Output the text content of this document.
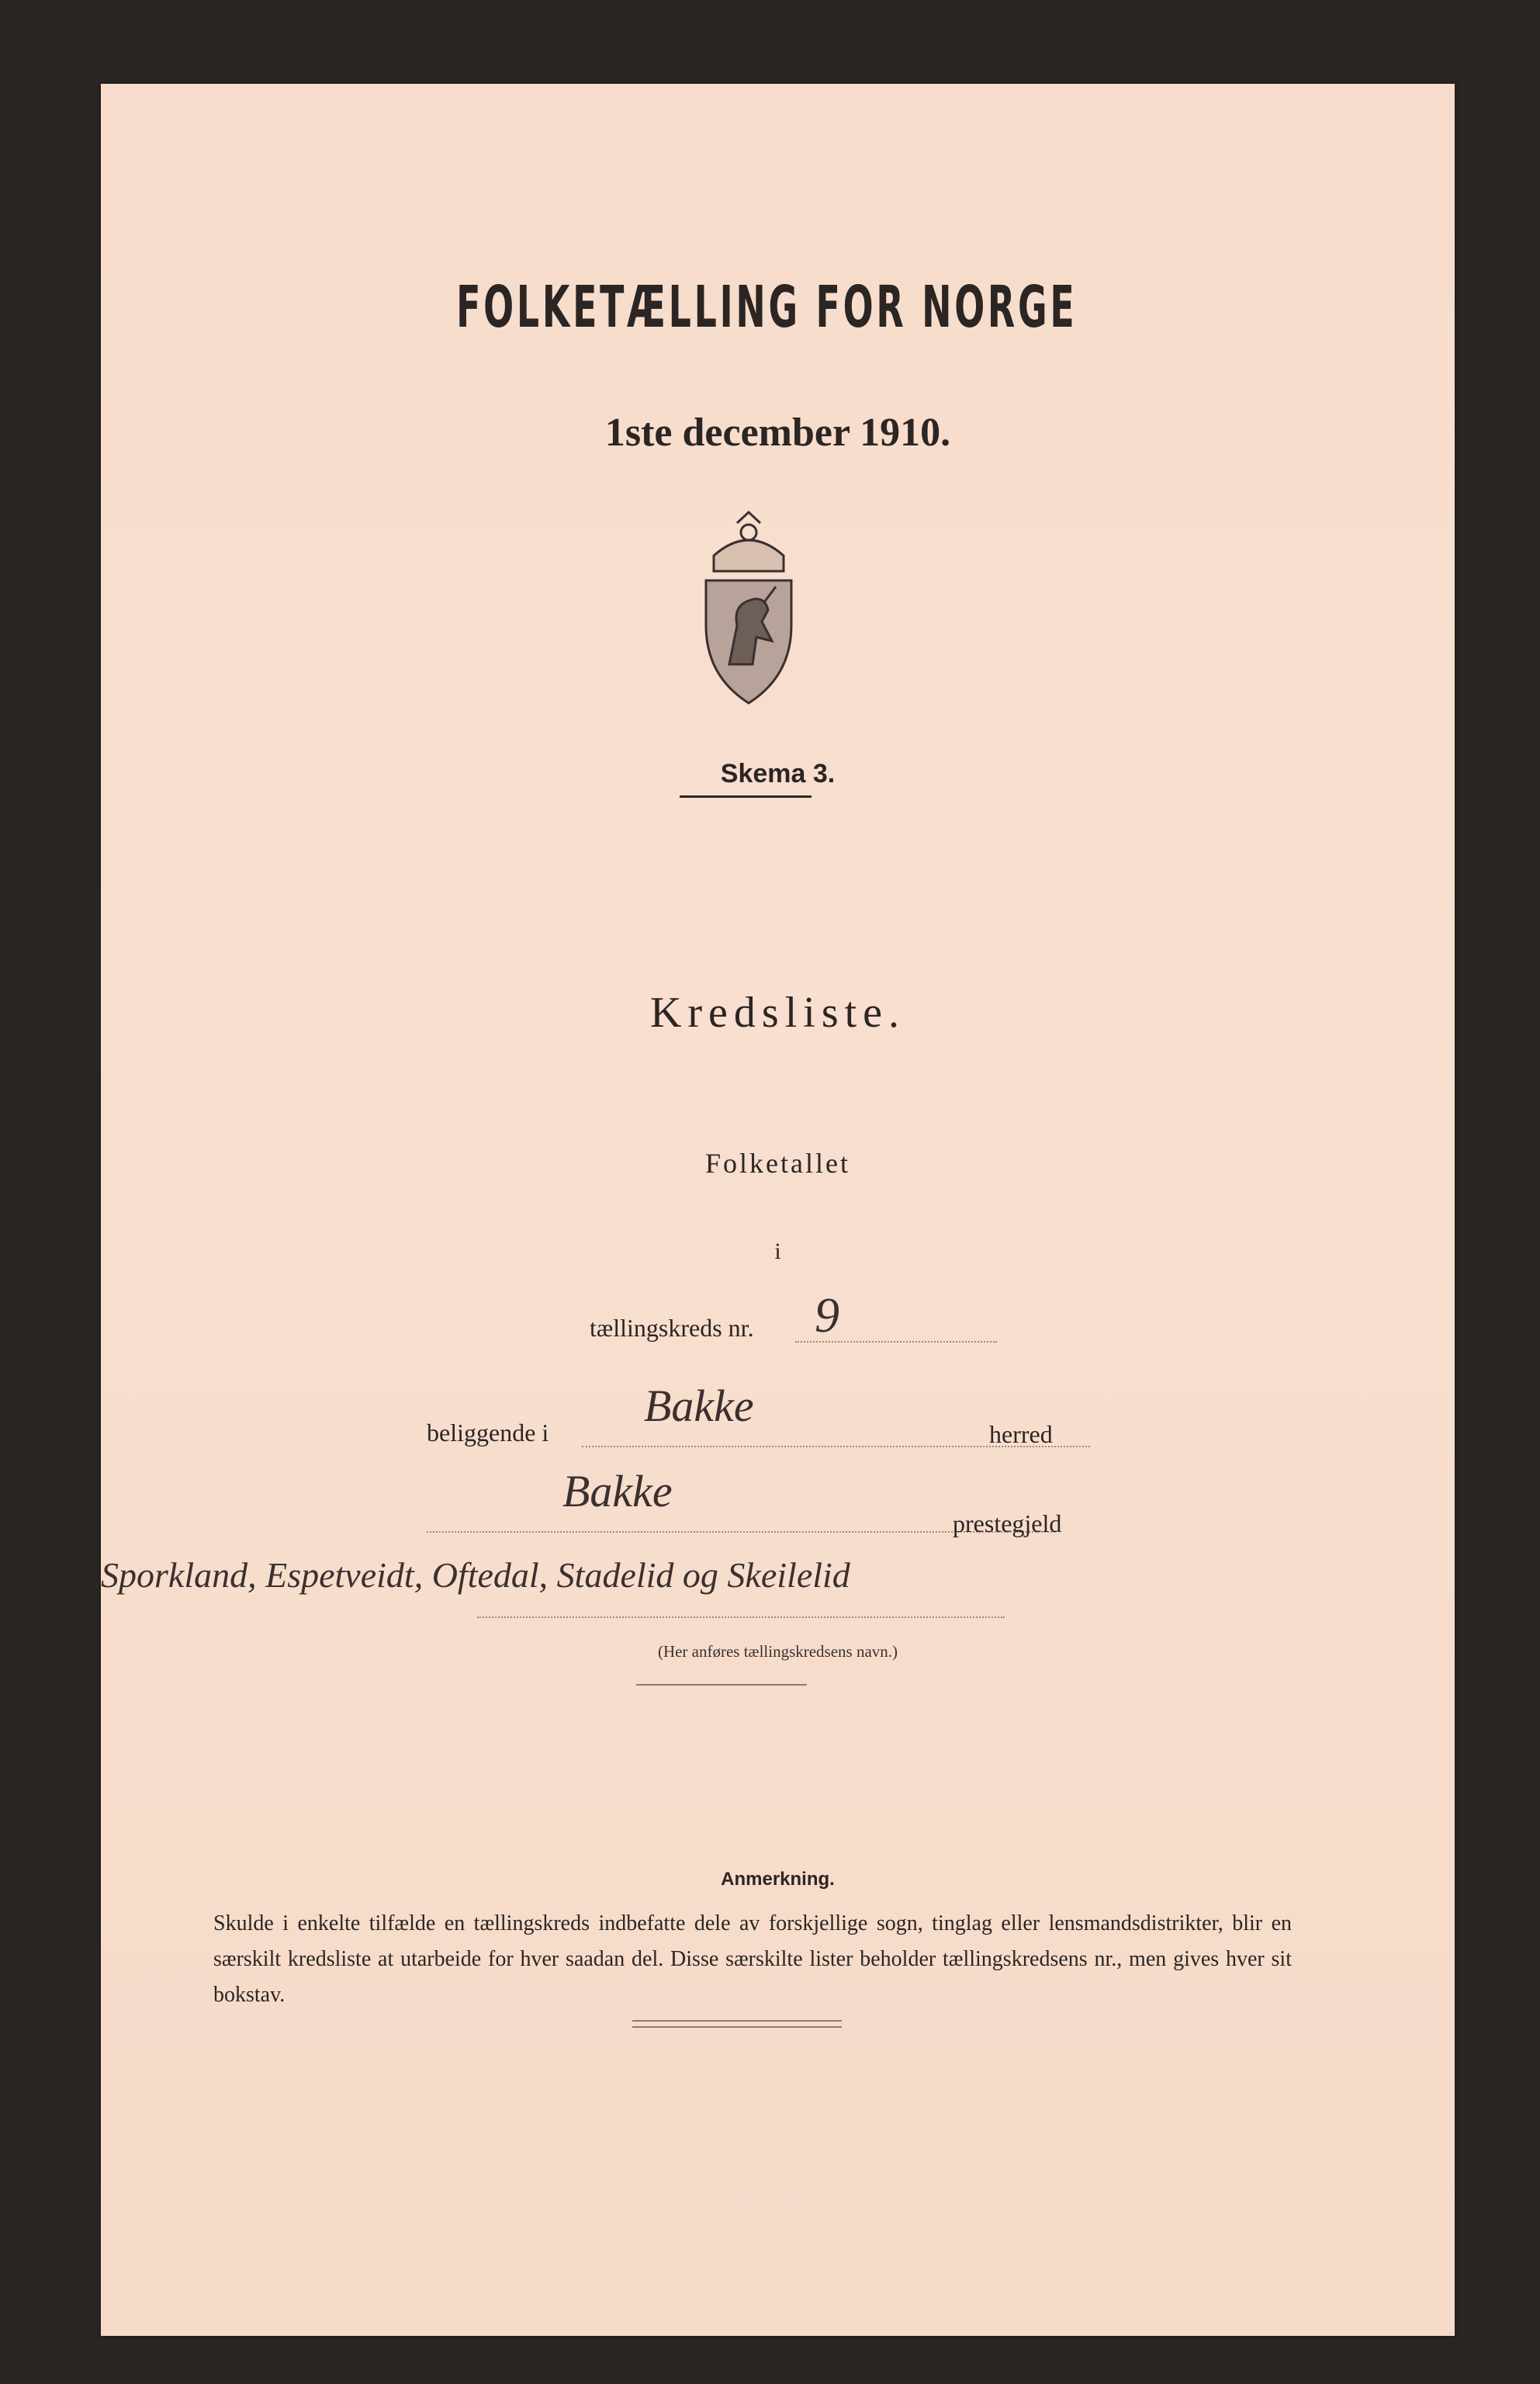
FOLKETÆLLING FOR NORGE
1ste december 1910.
Skema 3.
Kredsliste.
Folketallet
i
tællingskreds nr. 9
beliggende i
Bakke
herred
Bakke
prestegjeld
Sporkland, Espetveidt, Oftedal, Stadelid og Skeilelid
(Her anføres tællingskredsens navn.)
Anmerkning.
Skulde i enkelte tilfælde en tællingskreds indbefatte dele av forskjellige sogn, tinglag eller lensmandsdistrikter, blir en særskilt kredsliste at utarbeide for hver saadan del. Disse særskilte lister beholder tællingskredsens nr., men gives hver sit bokstav.
